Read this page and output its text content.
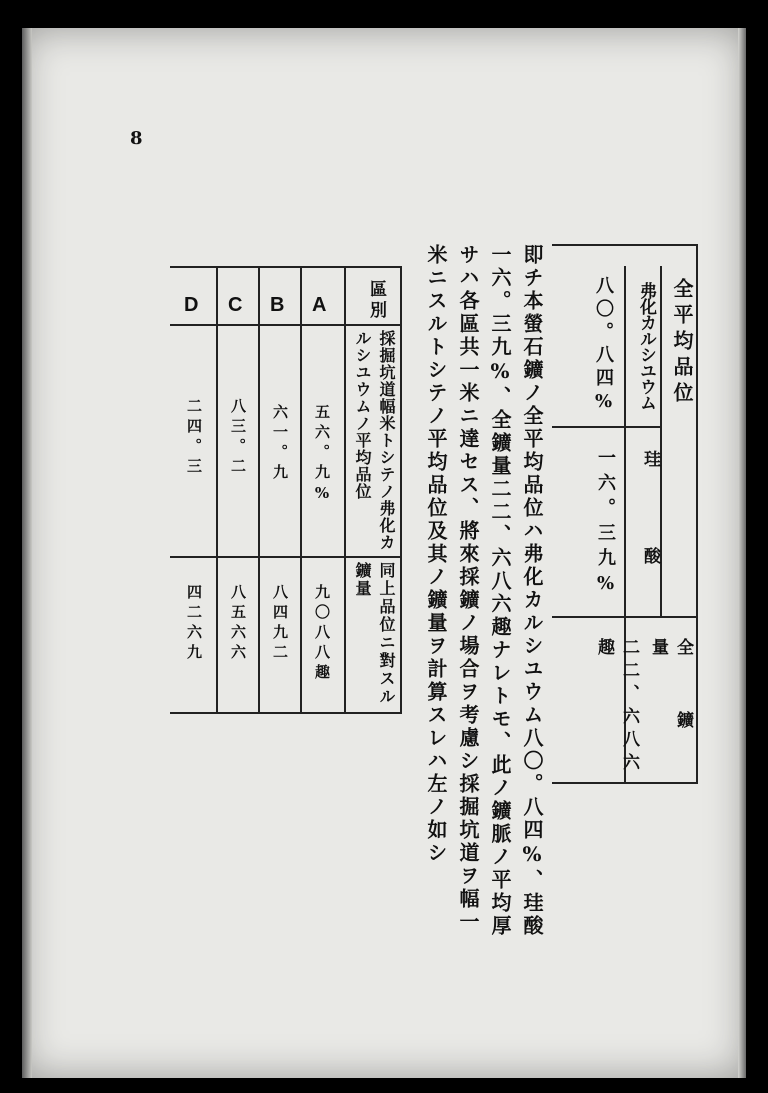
8
全平均品位
弗化カルシユウム
珪 酸
全 鑛 量
八〇。八四%
一六。三九%
二二、六八六趣
即チ本螢石鑛ノ全平均品位ハ弗化カルシユウム八〇。八四%、珪酸
一六。三九%、全鑛量二二、六八六趣ナレトモ、此ノ鑛脈ノ平均厚
サハ各區共一米ニ達セス、將來採鑛ノ場合ヲ考慮シ採掘坑道ヲ幅一
米ニスルトシテノ平均品位及其ノ鑛量ヲ計算スレハ左ノ如シ
區別
採掘坑道幅米トシテノ弗化カルシユウムノ平均品位
同上品位ニ對スル鑛量
A
五六。九%
九〇八八趣
B
六一。九
八四九二
C
八三。二
八五六六
D
二四。三
四二六九
